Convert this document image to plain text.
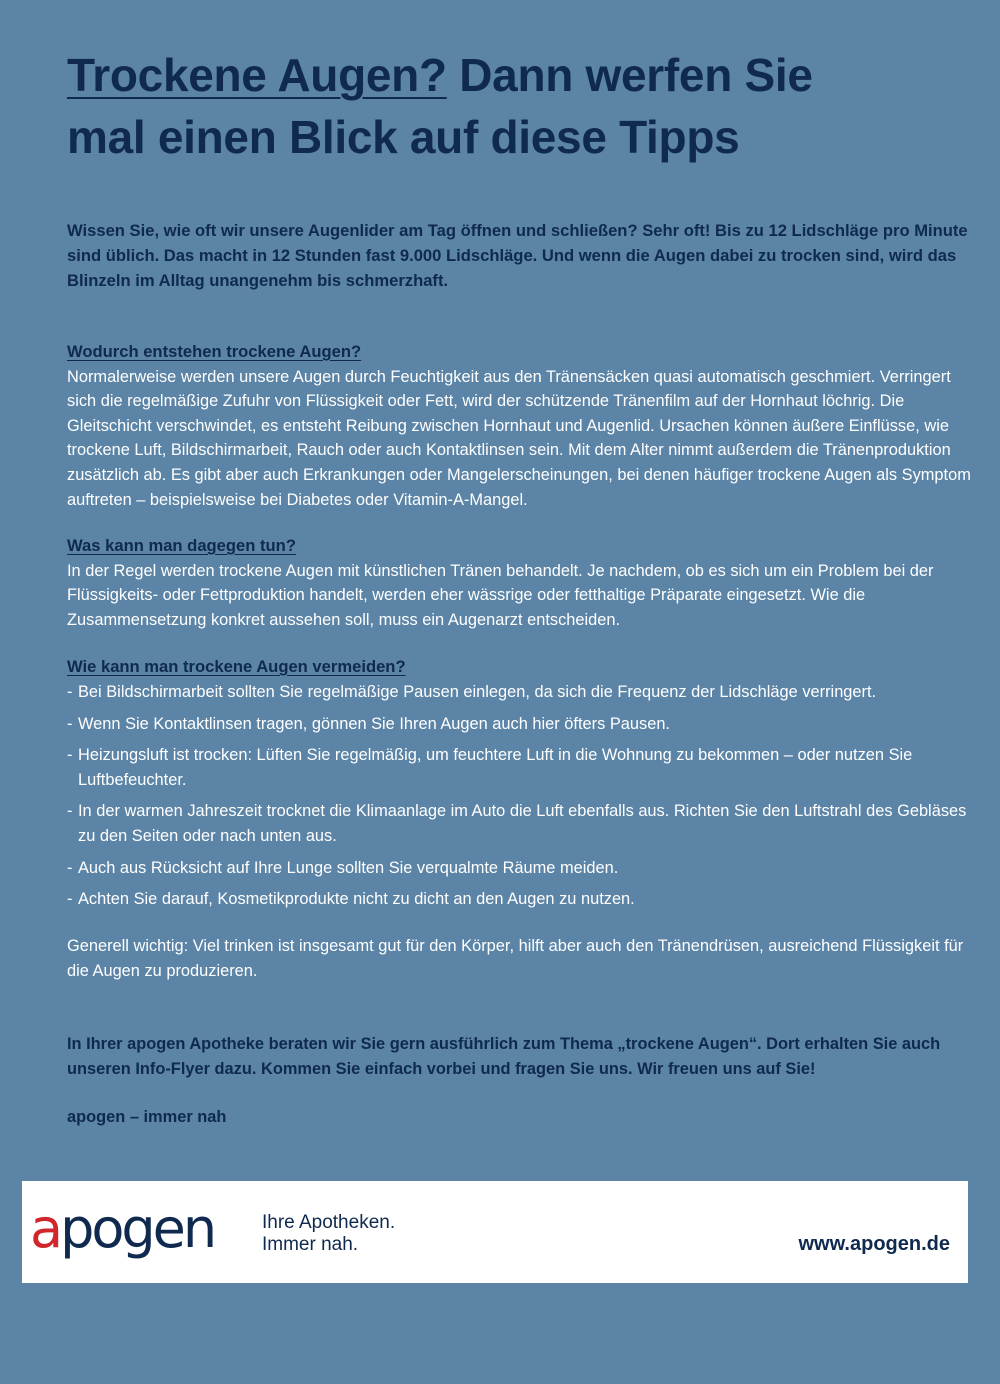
Trockene Augen? Dann werfen Sie
mal einen Blick auf diese Tipps

Wissen Sie, wie oft wir unsere Augenlider am Tag öffnen und schließen? Sehr oft! Bis zu 12 Lidschläge pro Minute sind üblich. Das macht in 12 Stunden fast 9.000 Lidschläge. Und wenn die Augen dabei zu trocken sind, wird das Blinzeln im Alltag unangenehm bis schmerzhaft.

Wodurch entstehen trockene Augen?

Normalerweise werden unsere Augen durch Feuchtigkeit aus den Tränensäcken quasi automatisch geschmiert. Verringert sich die regelmäßige Zufuhr von Flüssigkeit oder Fett, wird der schützende Tränenfilm auf der Hornhaut löchrig. Die Gleitschicht verschwindet, es entsteht Reibung zwischen Hornhaut und Augenlid. Ursachen können äußere Einflüsse, wie trockene Luft, Bildschirmarbeit, Rauch oder auch Kontaktlinsen sein. Mit dem Alter nimmt außerdem die Tränenproduktion zusätzlich ab. Es gibt aber auch Erkrankungen oder Mangelerscheinungen, bei denen häufiger trockene Augen als Symptom auftreten – beispielsweise bei Diabetes oder Vitamin-A-Mangel.

Was kann man dagegen tun?

In der Regel werden trockene Augen mit künstlichen Tränen behandelt. Je nachdem, ob es sich um ein Problem bei der Flüssigkeits- oder Fettproduktion handelt, werden eher wässrige oder fetthaltige Präparate eingesetzt. Wie die Zusammensetzung konkret aussehen soll, muss ein Augenarzt entscheiden.

Wie kann man trockene Augen vermeiden?

- Bei Bildschirmarbeit sollten Sie regelmäßige Pausen einlegen, da sich die Frequenz der Lidschläge verringert.
- Wenn Sie Kontaktlinsen tragen, gönnen Sie Ihren Augen auch hier öfters Pausen.
- Heizungsluft ist trocken: Lüften Sie regelmäßig, um feuchtere Luft in die Wohnung zu bekommen – oder nutzen Sie Luftbefeuchter.
- In der warmen Jahreszeit trocknet die Klimaanlage im Auto die Luft ebenfalls aus. Richten Sie den Luftstrahl des Gebläses zu den Seiten oder nach unten aus.
- Auch aus Rücksicht auf Ihre Lunge sollten Sie verqualmte Räume meiden.
- Achten Sie darauf, Kosmetikprodukte nicht zu dicht an den Augen zu nutzen.

Generell wichtig: Viel trinken ist insgesamt gut für den Körper, hilft aber auch den Tränendrüsen, ausreichend Flüssigkeit für die Augen zu produzieren.

In Ihrer apogen Apotheke beraten wir Sie gern ausführlich zum Thema „trockene Augen“. Dort erhalten Sie auch unseren Info-Flyer dazu. Kommen Sie einfach vorbei und fragen Sie uns. Wir freuen uns auf Sie!

apogen – immer nah

apogen	Ihre Apotheken.
Immer nah.	www.apogen.de
